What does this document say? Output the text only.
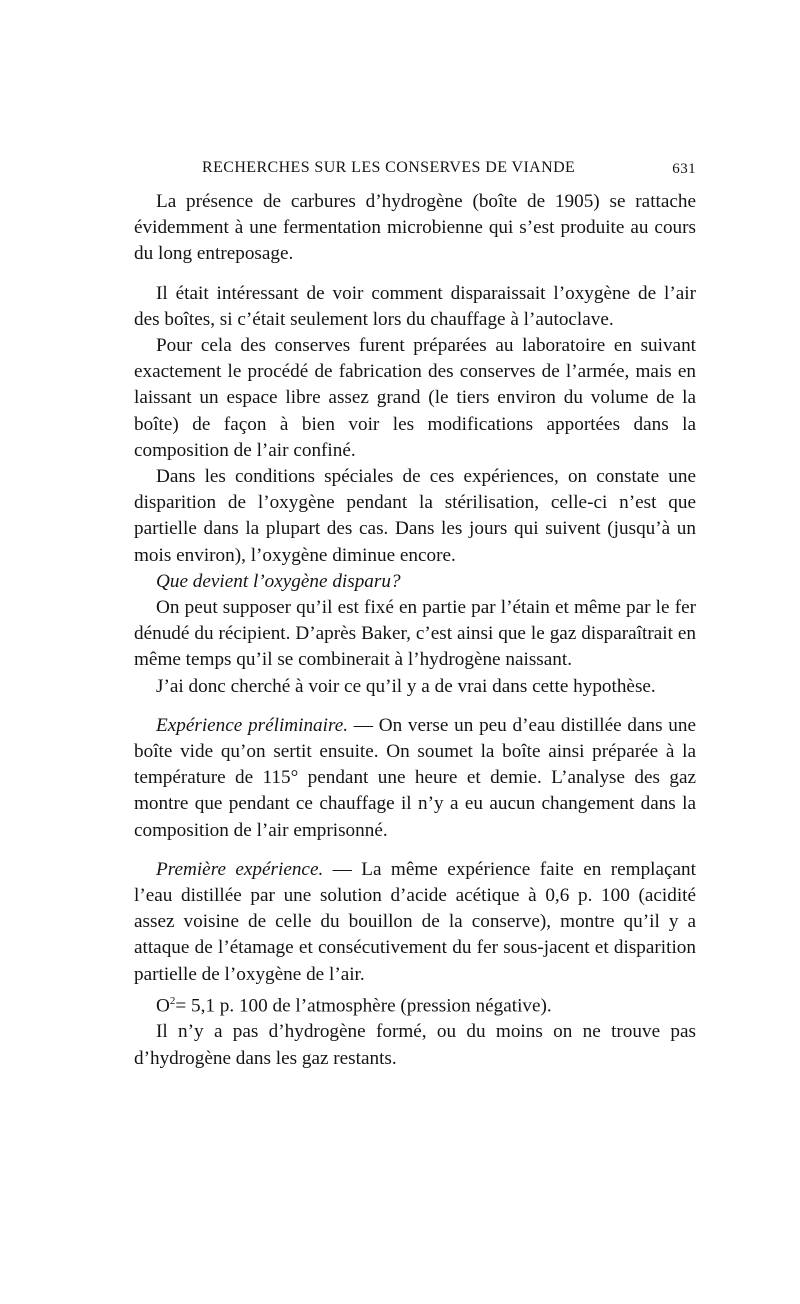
RECHERCHES SUR LES CONSERVES DE VIANDE	631

La présence de carbures d’hydrogène (boîte de 1905) se rattache évidemment à une fermentation microbienne qui s’est produite au cours du long entreposage.

Il était intéressant de voir comment disparaissait l’oxygène de l’air des boîtes, si c’était seulement lors du chauffage à l’autoclave.

Pour cela des conserves furent préparées au laboratoire en suivant exactement le procédé de fabrication des conserves de l’armée, mais en laissant un espace libre assez grand (le tiers environ du volume de la boîte) de façon à bien voir les modifications apportées dans la composition de l’air confiné.

Dans les conditions spéciales de ces expériences, on constate une disparition de l’oxygène pendant la stérilisation, celle-ci n’est que partielle dans la plupart des cas. Dans les jours qui suivent (jusqu’à un mois environ), l’oxygène diminue encore.

Que devient l’oxygène disparu?

On peut supposer qu’il est fixé en partie par l’étain et même par le fer dénudé du récipient. D’après Baker, c’est ainsi que le gaz disparaîtrait en même temps qu’il se combinerait à l’hydrogène naissant.

J’ai donc cherché à voir ce qu’il y a de vrai dans cette hypothèse.

Expérience préliminaire. — On verse un peu d’eau distillée dans une boîte vide qu’on sertit ensuite. On soumet la boîte ainsi préparée à la température de 115° pendant une heure et demie. L’analyse des gaz montre que pendant ce chauffage il n’y a eu aucun changement dans la composition de l’air emprisonné.

Première expérience. — La même expérience faite en remplaçant l’eau distillée par une solution d’acide acétique à 0,6 p. 100 (acidité assez voisine de celle du bouillon de la conserve), montre qu’il y a attaque de l’étamage et consécutivement du fer sous-jacent et disparition partielle de l’oxygène de l’air.

$O^2= 5,1$ p. 100 de l’atmosphère (pression négative).

Il n’y a pas d’hydrogène formé, ou du moins on ne trouve pas d’hydrogène dans les gaz restants.
